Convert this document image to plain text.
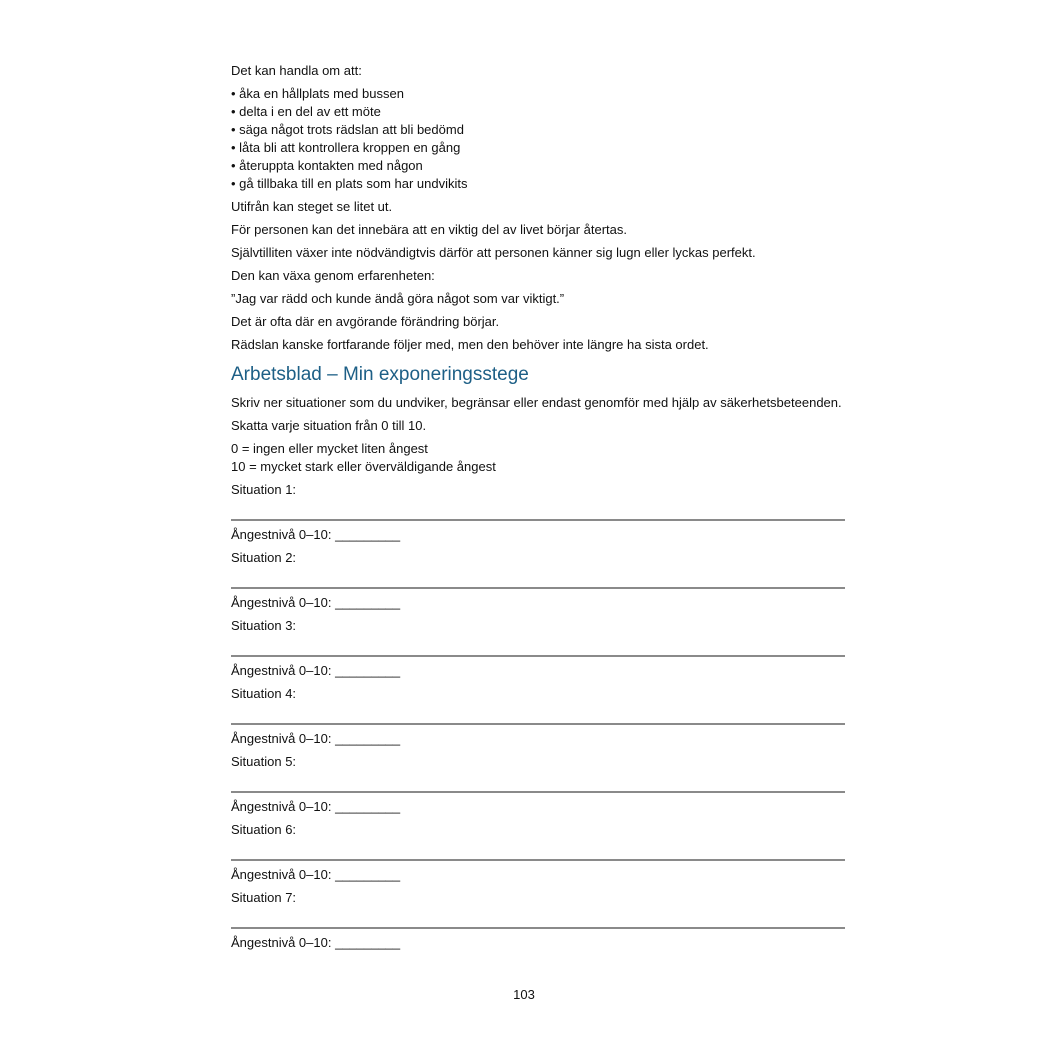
Det kan handla om att:

• åka en hållplats med bussen
• delta i en del av ett möte
• säga något trots rädslan att bli bedömd
• låta bli att kontrollera kroppen en gång
• återuppta kontakten med någon
• gå tillbaka till en plats som har undvikits

Utifrån kan steget se litet ut.

För personen kan det innebära att en viktig del av livet börjar återtas.

Självtilliten växer inte nödvändigtvis därför att personen känner sig lugn eller lyckas perfekt.

Den kan växa genom erfarenheten:

”Jag var rädd och kunde ändå göra något som var viktigt.”

Det är ofta där en avgörande förändring börjar.

Rädslan kanske fortfarande följer med, men den behöver inte längre ha sista ordet.

Arbetsblad – Min exponeringsstege

Skriv ner situationer som du undviker, begränsar eller endast genomför med hjälp av säkerhetsbeteenden.

Skatta varje situation från 0 till 10.

0 = ingen eller mycket liten ångest
10 = mycket stark eller överväldigande ångest
Situation 1:
Ångestnivå 0–10: _________
Situation 2:
Ångestnivå 0–10: _________
Situation 3:
Ångestnivå 0–10: _________
Situation 4:
Ångestnivå 0–10: _________
Situation 5:
Ångestnivå 0–10: _________
Situation 6:
Ångestnivå 0–10: _________
Situation 7:
Ångestnivå 0–10: _________
103
